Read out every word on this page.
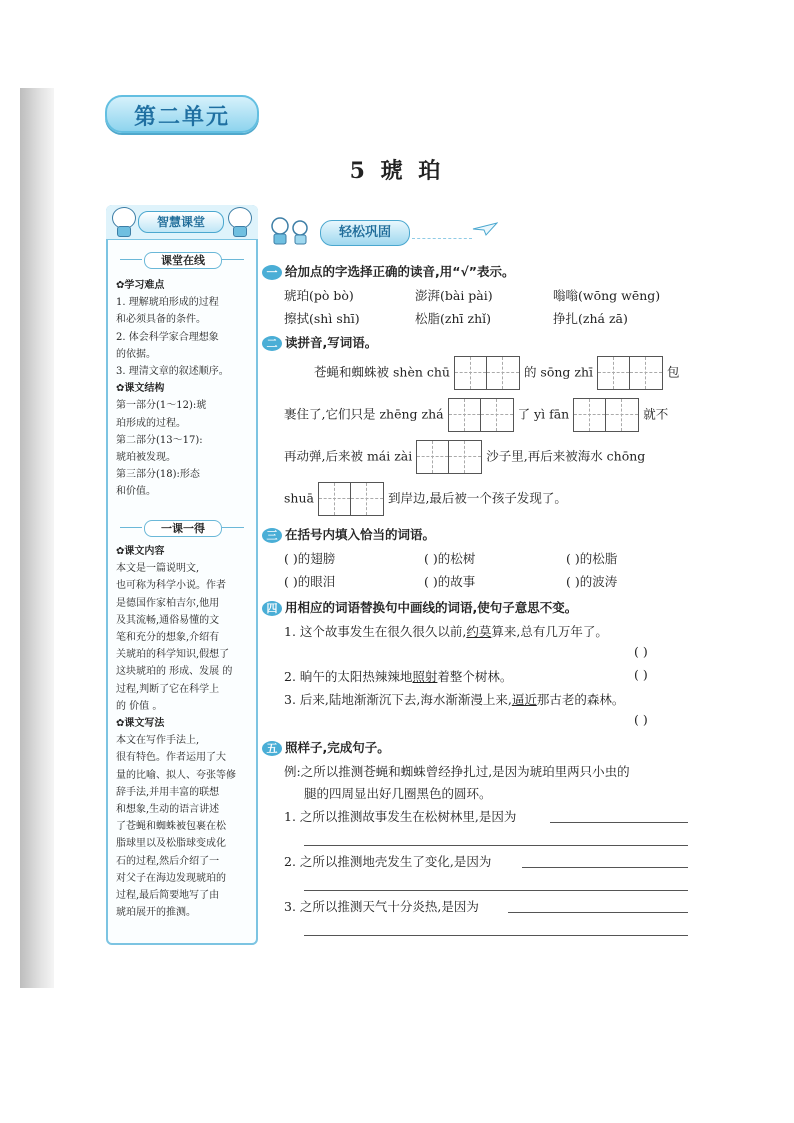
第二单元
5 琥 珀
智慧课堂
课堂在线

✿学习难点

1. 理解琥珀形成的过程

和必须具备的条件。

2. 体会科学家合理想象

的依据。

3. 理清文章的叙述顺序。

✿课文结构

第一部分(1～12):琥

珀形成的过程。

第二部分(13～17):

琥珀被发现。

第三部分(18):形态

和价值。

一课一得

✿课文内容

本文是一篇说明文,

也可称为科学小说。作者

是德国作家柏吉尔,他用

及其流畅,通俗易懂的文

笔和充分的想象,介绍有

关琥珀的科学知识,假想了

这块琥珀的 形成、发展 的

过程,判断了它在科学上

的 价值 。

✿课文写法

本文在写作手法上,

很有特色。作者运用了大

量的比喻、拟人、夸张等修

辞手法,并用丰富的联想

和想象,生动的语言讲述

了苍蝇和蜘蛛被包裹在松

脂球里以及松脂球变成化

石的过程,然后介绍了一

对父子在海边发现琥珀的

过程,最后简要地写了由

琥珀展开的推测。

轻松巩固
一 给加点的字选择正确的读音,用“√”表示。
琥珀(pò bò)	澎湃(bài pài)	嗡嗡(wōng wēng)
擦拭(shì shī)	松脂(zhī zhǐ)	挣扎(zhá zā)
二 读拼音,写词语。
苍蝇和蜘蛛被 shèn chū	的 sōng zhī	包
裹住了,它们只是 zhēng zhá	了 yì fān	就不
再动弹,后来被 mái zài	沙子里,再后来被海水 chōng
shuā	到岸边,最后被一个孩子发现了。
三 在括号内填入恰当的词语。
( )的翅膀	( )的松树	( )的松脂
( )的眼泪	( )的故事	( )的波涛
四 用相应的词语替换句中画线的词语,使句子意思不变。
1. 这个故事发生在很久很久以前,约莫算来,总有几万年了。
( )
2. 晌午的太阳热辣辣地照射着整个树林。	( )
3. 后来,陆地渐渐沉下去,海水渐渐漫上来,逼近那古老的森林。
( )
五 照样子,完成句子。
例:之所以推测苍蝇和蜘蛛曾经挣扎过,是因为琥珀里两只小虫的
腿的四周显出好几圈黑色的圆环。
1. 之所以推测故事发生在松树林里,是因为
2. 之所以推测地壳发生了变化,是因为
3. 之所以推测天气十分炎热,是因为
